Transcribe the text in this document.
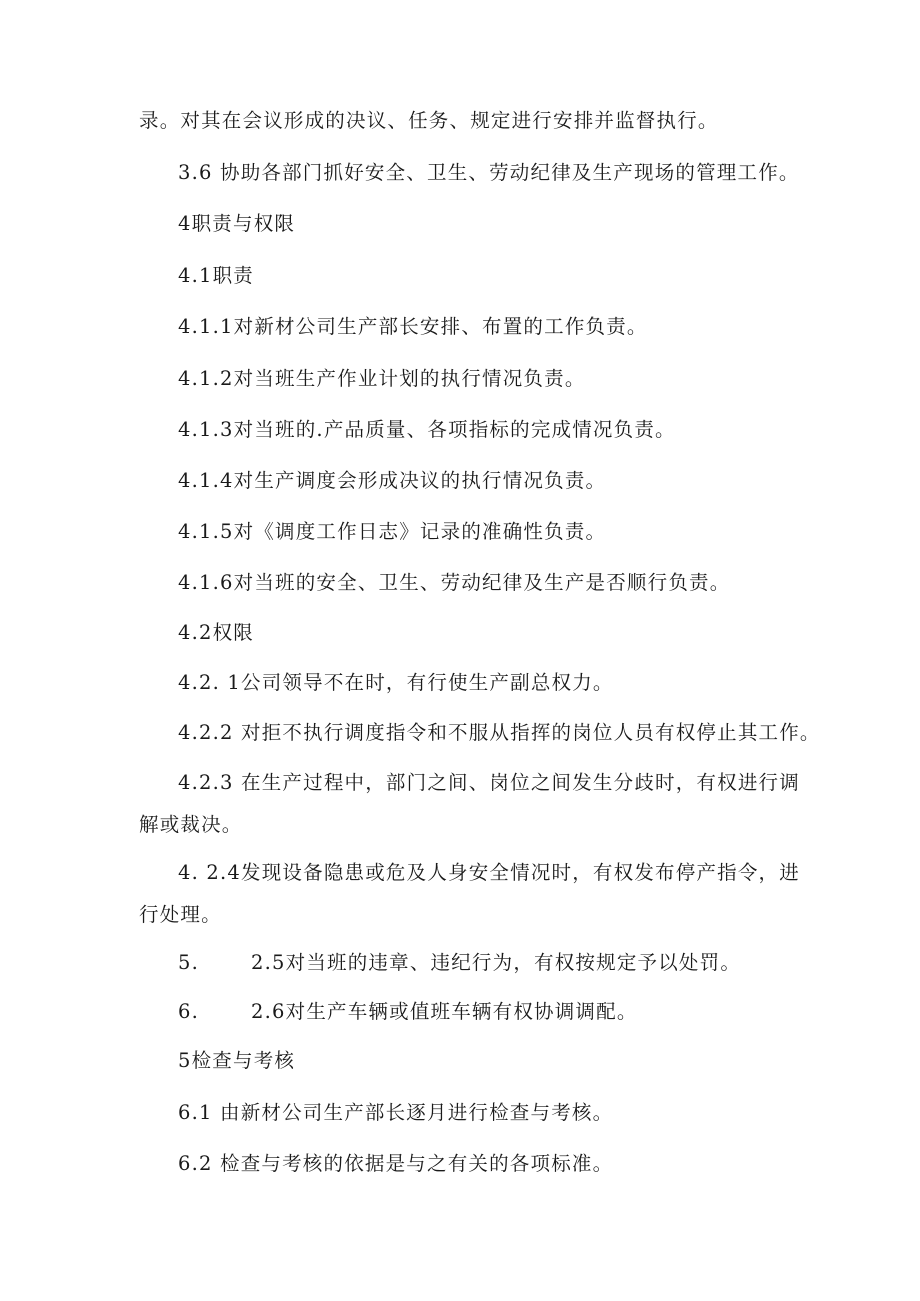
录。对其在会议形成的决议、任务、规定进行安排并监督执行。
3.6 协助各部门抓好安全、卫生、劳动纪律及生产现场的管理工作。
4职责与权限
4.1职责
4.1.1对新材公司生产部长安排、布置的工作负责。
4.1.2对当班生产作业计划的执行情况负责。
4.1.3对当班的.产品质量、各项指标的完成情况负责。
4.1.4对生产调度会形成决议的执行情况负责。
4.1.5对《调度工作日志》记录的准确性负责。
4.1.6对当班的安全、卫生、劳动纪律及生产是否顺行负责。
4.2权限
4.2. 1公司领导不在时，有行使生产副总权力。
4.2.2 对拒不执行调度指令和不服从指挥的岗位人员有权停止其工作。
4.2.3 在生产过程中，部门之间、岗位之间发生分歧时，有权进行调
解或裁决。
4. 2.4发现设备隐患或危及人身安全情况时，有权发布停产指令，进
行处理。
5.	2.5对当班的违章、违纪行为，有权按规定予以处罚。
6.	2.6对生产车辆或值班车辆有权协调调配。
5检查与考核
6.1 由新材公司生产部长逐月进行检查与考核。
6.2 检查与考核的依据是与之有关的各项标准。
